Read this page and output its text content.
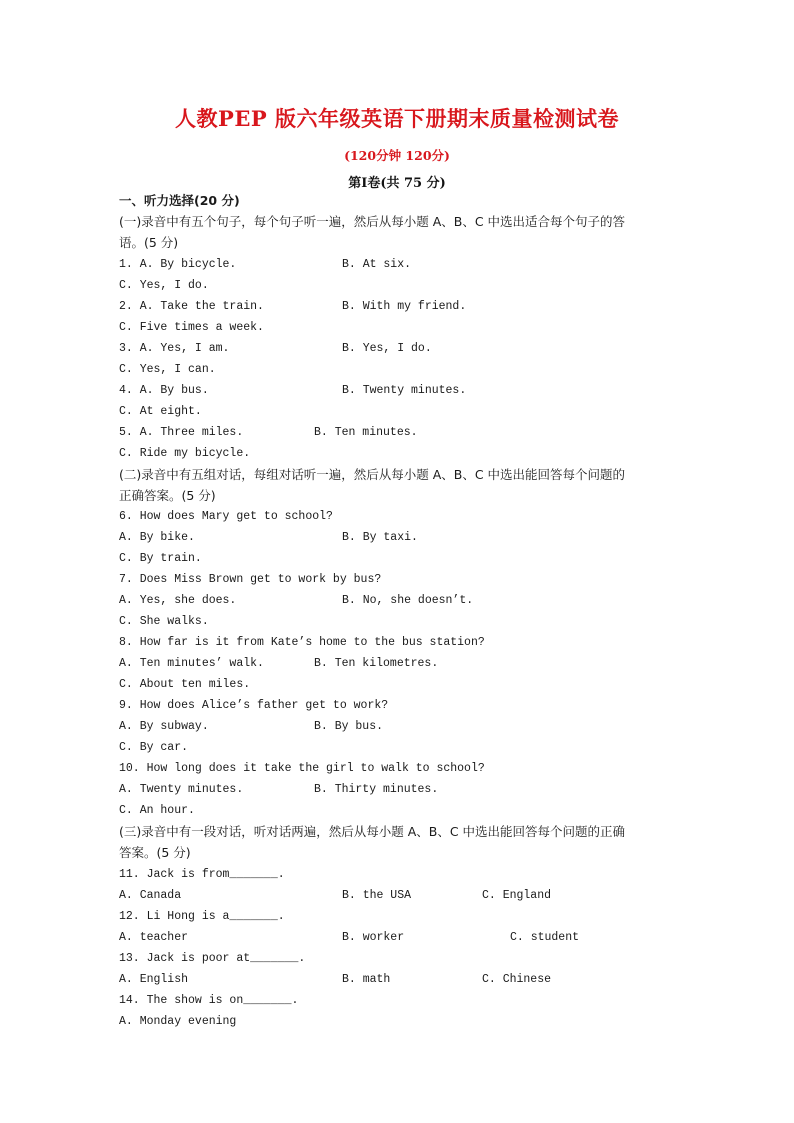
人教PEP 版六年级英语下册期末质量检测试卷
(120分钟 120分)
第Ⅰ卷(共 75 分)
一、听力选择(20 分)
(一)录音中有五个句子，每个句子听一遍，然后从每小题 A、B、C 中选出适合每个句子的答
语。(5 分)
1. A. By bicycle.	B. At six.
C. Yes, I do.
2. A. Take the train.	B. With my friend.
C. Five times a week.
3. A. Yes, I am.	B. Yes, I do.
C. Yes, I can.
4. A. By bus.	B. Twenty minutes.
C. At eight.
5. A. Three miles.	B. Ten minutes.
C. Ride my bicycle.
(二)录音中有五组对话，每组对话听一遍，然后从每小题 A、B、C 中选出能回答每个问题的
正确答案。(5 分)
6. How does Mary get to school?
A. By bike.	B. By taxi.
C. By train.
7. Does Miss Brown get to work by bus?
A. Yes, she does.	B. No, she doesn’t.
C. She walks.
8. How far is it from Kate’s home to the bus station?
A. Ten minutes’ walk.	B. Ten kilometres.
C. About ten miles.
9. How does Alice’s father get to work?
A. By subway.	B. By bus.
C. By car.
10. How long does it take the girl to walk to school?
A. Twenty minutes.	B. Thirty minutes.
C. An hour.
(三)录音中有一段对话，听对话两遍，然后从每小题 A、B、C 中选出能回答每个问题的正确
答案。(5 分)
11. Jack is from_______.
A. Canada	B. the USA	C. England
12. Li Hong is a_______.
A. teacher	B. worker	C. student
13. Jack is poor at_______.
A. English	B. math	C. Chinese
14. The show is on_______.
A. Monday evening
